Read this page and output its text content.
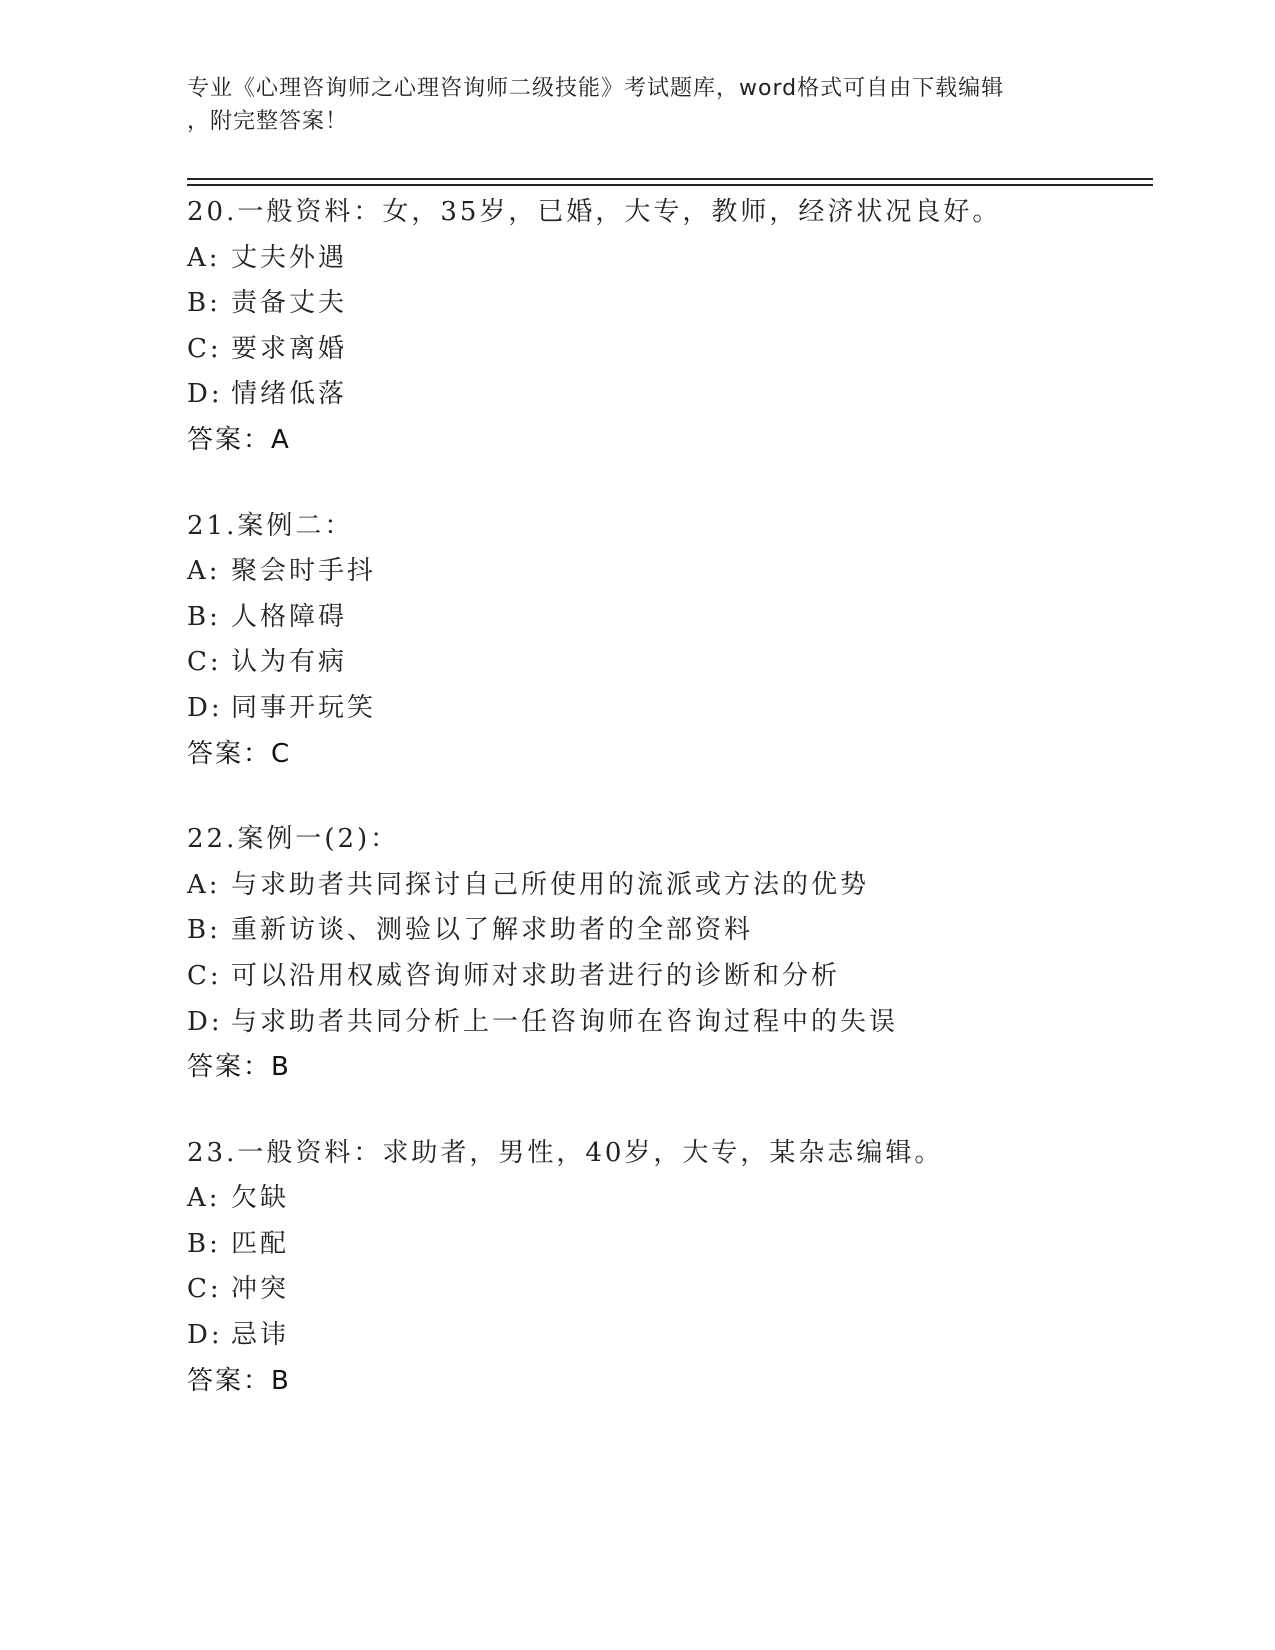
专业《心理咨询师之心理咨询师二级技能》考试题库，word格式可自由下载编辑
，附完整答案！
20.一般资料：女，35岁，已婚，大专，教师，经济状况良好。
A: 丈夫外遇
B: 责备丈夫
C: 要求离婚
D: 情绪低落
答案：A
21.案例二：
A: 聚会时手抖
B: 人格障碍
C: 认为有病
D: 同事开玩笑
答案：C
22.案例一(2)：
A: 与求助者共同探讨自己所使用的流派或方法的优势
B: 重新访谈、测验以了解求助者的全部资料
C: 可以沿用权威咨询师对求助者进行的诊断和分析
D: 与求助者共同分析上一任咨询师在咨询过程中的失误
答案：B
23.一般资料：求助者，男性，40岁，大专，某杂志编辑。
A: 欠缺
B: 匹配
C: 冲突
D: 忌讳
答案：B
